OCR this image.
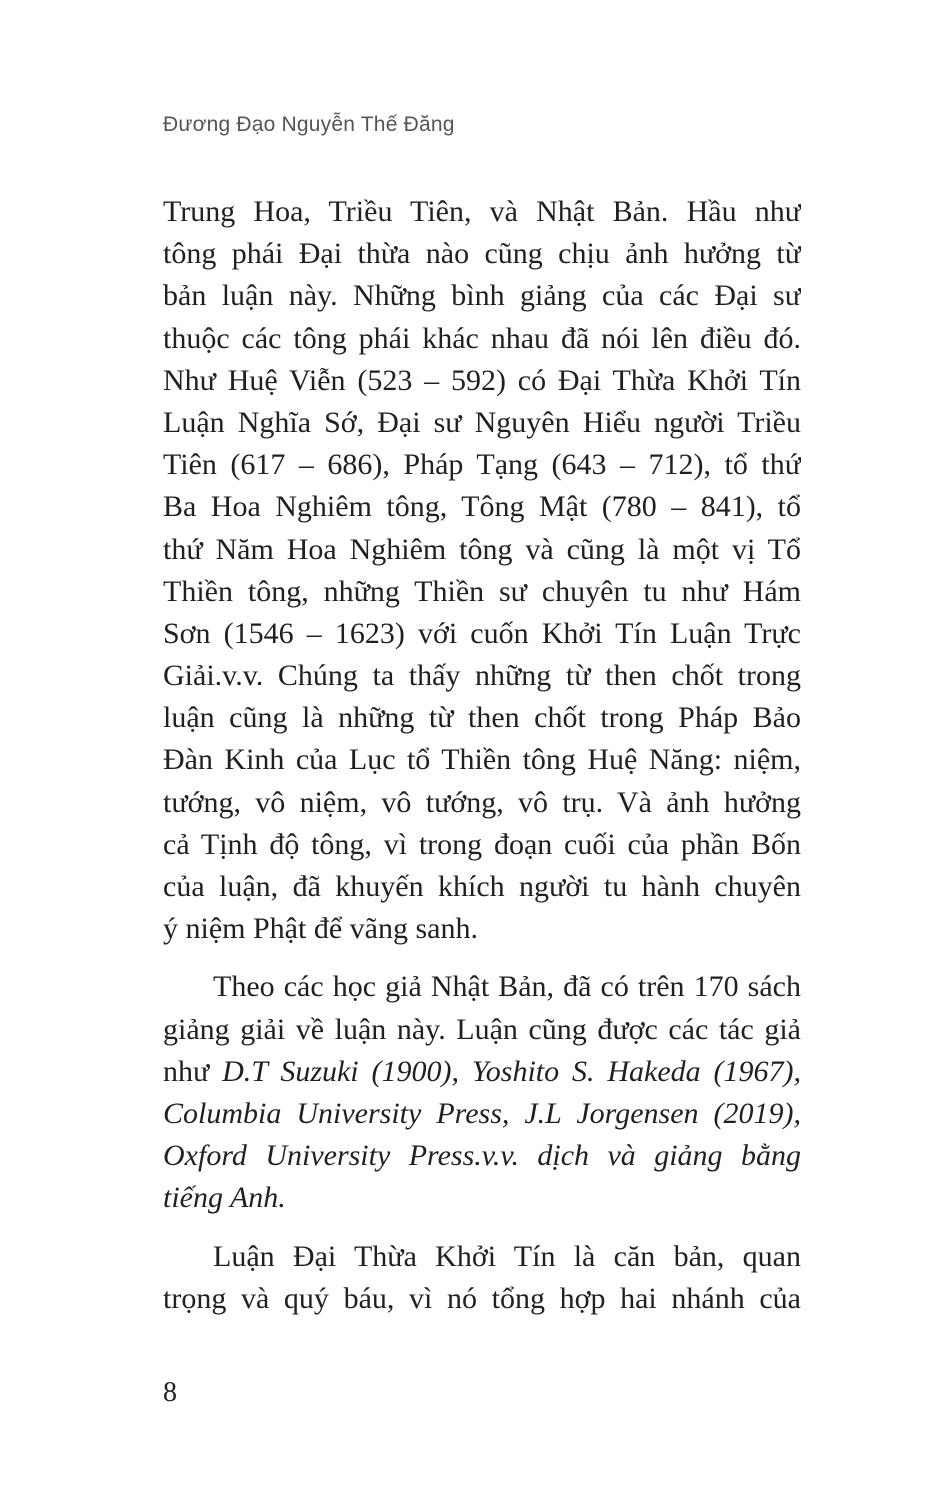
Đương Đạo Nguyễn Thế Đăng
Trung Hoa, Triều Tiên, và Nhật Bản. Hầu như
tông phái Đại thừa nào cũng chịu ảnh hưởng từ
bản luận này. Những bình giảng của các Đại sư
thuộc các tông phái khác nhau đã nói lên điều đó.
Như Huệ Viễn (523 – 592) có Đại Thừa Khởi Tín
Luận Nghĩa Sớ, Đại sư Nguyên Hiểu người Triều
Tiên (617 – 686), Pháp Tạng (643 – 712), tổ thứ
Ba Hoa Nghiêm tông, Tông Mật (780 – 841), tổ
thứ Năm Hoa Nghiêm tông và cũng là một vị Tổ
Thiền tông, những Thiền sư chuyên tu như Hám
Sơn (1546 – 1623) với cuốn Khởi Tín Luận Trực
Giải.v.v. Chúng ta thấy những từ then chốt trong
luận cũng là những từ then chốt trong Pháp Bảo
Đàn Kinh của Lục tổ Thiền tông Huệ Năng: niệm,
tướng, vô niệm, vô tướng, vô trụ. Và ảnh hưởng
cả Tịnh độ tông, vì trong đoạn cuối của phần Bốn
của luận, đã khuyến khích người tu hành chuyên
ý niệm Phật để vãng sanh.
Theo các học giả Nhật Bản, đã có trên 170 sách
giảng giải về luận này. Luận cũng được các tác giả
như D.T Suzuki (1900), Yoshito S. Hakeda (1967),
Columbia University Press, J.L Jorgensen (2019),
Oxford University Press.v.v. dịch và giảng bằng
tiếng Anh.
Luận Đại Thừa Khởi Tín là căn bản, quan
trọng và quý báu, vì nó tổng hợp hai nhánh của
8
